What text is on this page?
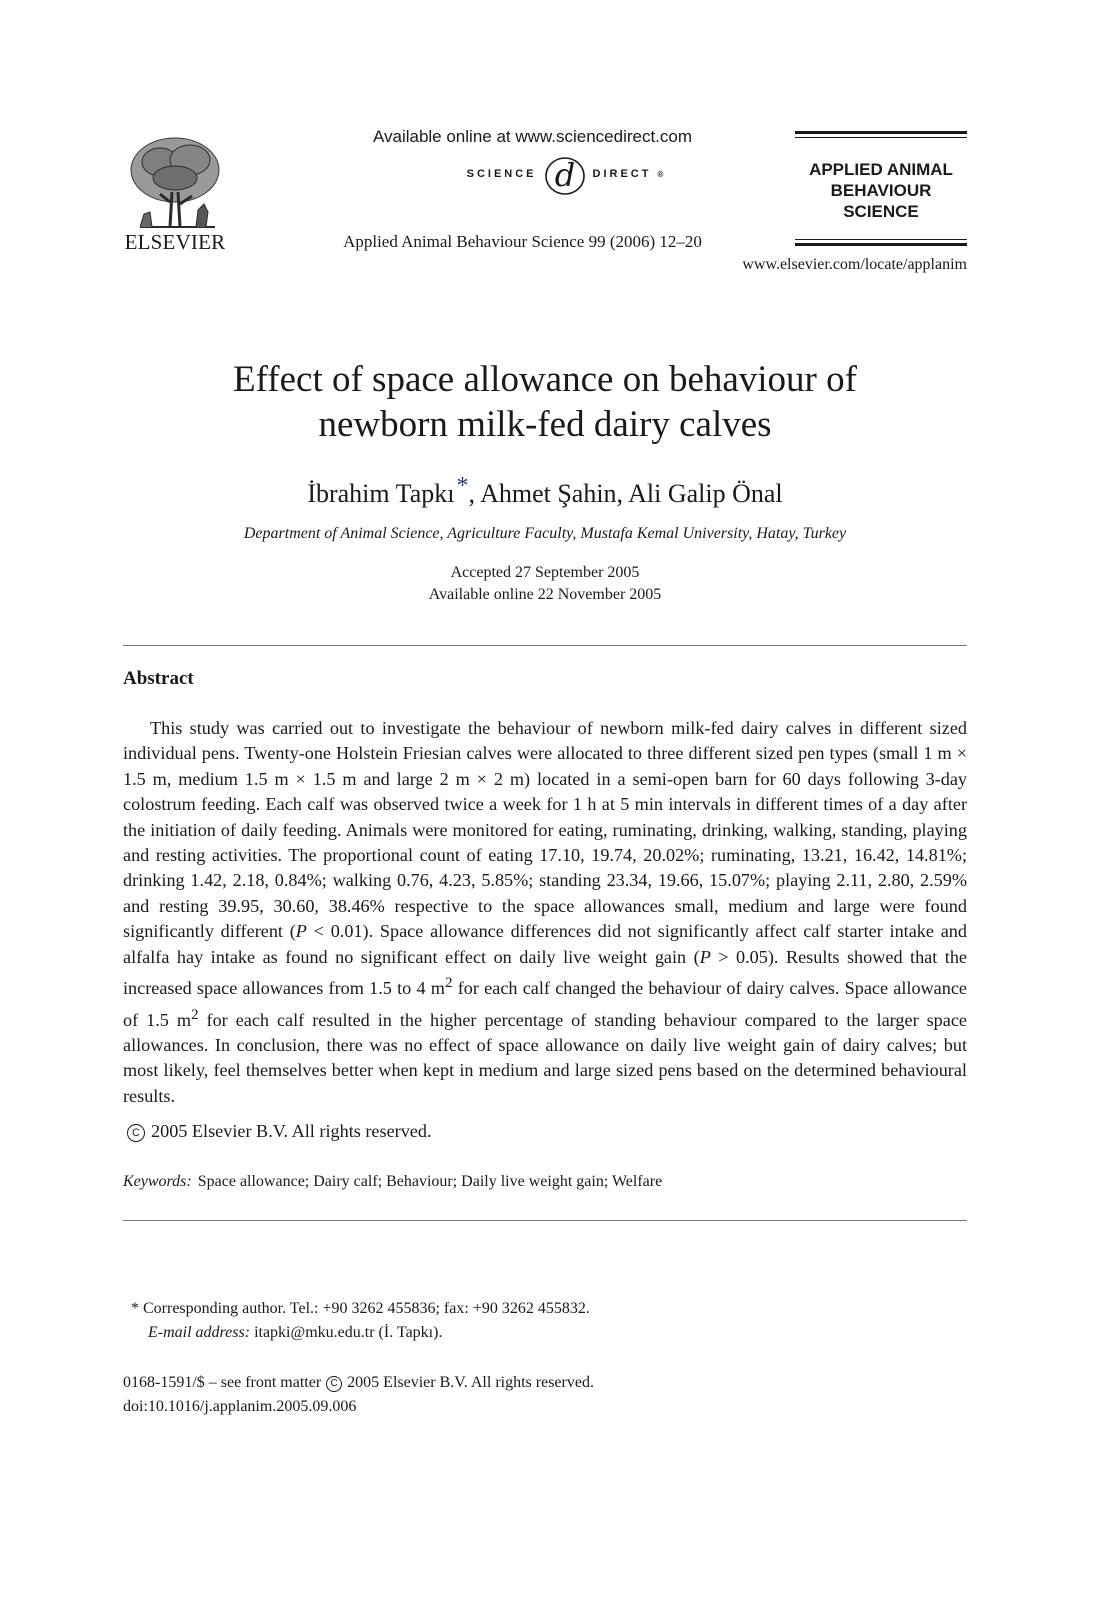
ELSEVIER
Available online at www.sciencedirect.com
SCIENCE d DIRECT ®
Applied Animal Behaviour Science 99 (2006) 12–20
APPLIED ANIMAL
BEHAVIOUR
SCIENCE
www.elsevier.com/locate/applanim
Effect of space allowance on behaviour of
newborn milk-fed dairy calves
İbrahim Tapkı*, Ahmet Şahin, Ali Galip Önal
Department of Animal Science, Agriculture Faculty, Mustafa Kemal University, Hatay, Turkey
Accepted 27 September 2005
Available online 22 November 2005
Abstract

This study was carried out to investigate the behaviour of newborn milk-fed dairy calves in different sized individual pens. Twenty-one Holstein Friesian calves were allocated to three different sized pen types (small 1 m × 1.5 m, medium 1.5 m × 1.5 m and large 2 m × 2 m) located in a semi-open barn for 60 days following 3-day colostrum feeding. Each calf was observed twice a week for 1 h at 5 min intervals in different times of a day after the initiation of daily feeding. Animals were monitored for eating, ruminating, drinking, walking, standing, playing and resting activities. The proportional count of eating 17.10, 19.74, 20.02%; ruminating, 13.21, 16.42, 14.81%; drinking 1.42, 2.18, 0.84%; walking 0.76, 4.23, 5.85%; standing 23.34, 19.66, 15.07%; playing 2.11, 2.80, 2.59% and resting 39.95, 30.60, 38.46% respective to the space allowances small, medium and large were found significantly different (P < 0.01). Space allowance differences did not significantly affect calf starter intake and alfalfa hay intake as found no significant effect on daily live weight gain (P > 0.05). Results showed that the increased space allowances from 1.5 to 4 $m^2$ for each calf changed the behaviour of dairy calves. Space allowance of 1.5 $m^2$ for each calf resulted in the higher percentage of standing behaviour compared to the larger space allowances. In conclusion, there was no effect of space allowance on daily live weight gain of dairy calves; but most likely, feel themselves better when kept in medium and large sized pens based on the determined behavioural results.

C 2005 Elsevier B.V. All rights reserved.
Keywords: Space allowance; Dairy calf; Behaviour; Daily live weight gain; Welfare
* Corresponding author. Tel.: +90 3262 455836; fax: +90 3262 455832.
E-mail address: itapki@mku.edu.tr (İ. Tapkı).
0168-1591/$ – see front matter C 2005 Elsevier B.V. All rights reserved.
doi:10.1016/j.applanim.2005.09.006
